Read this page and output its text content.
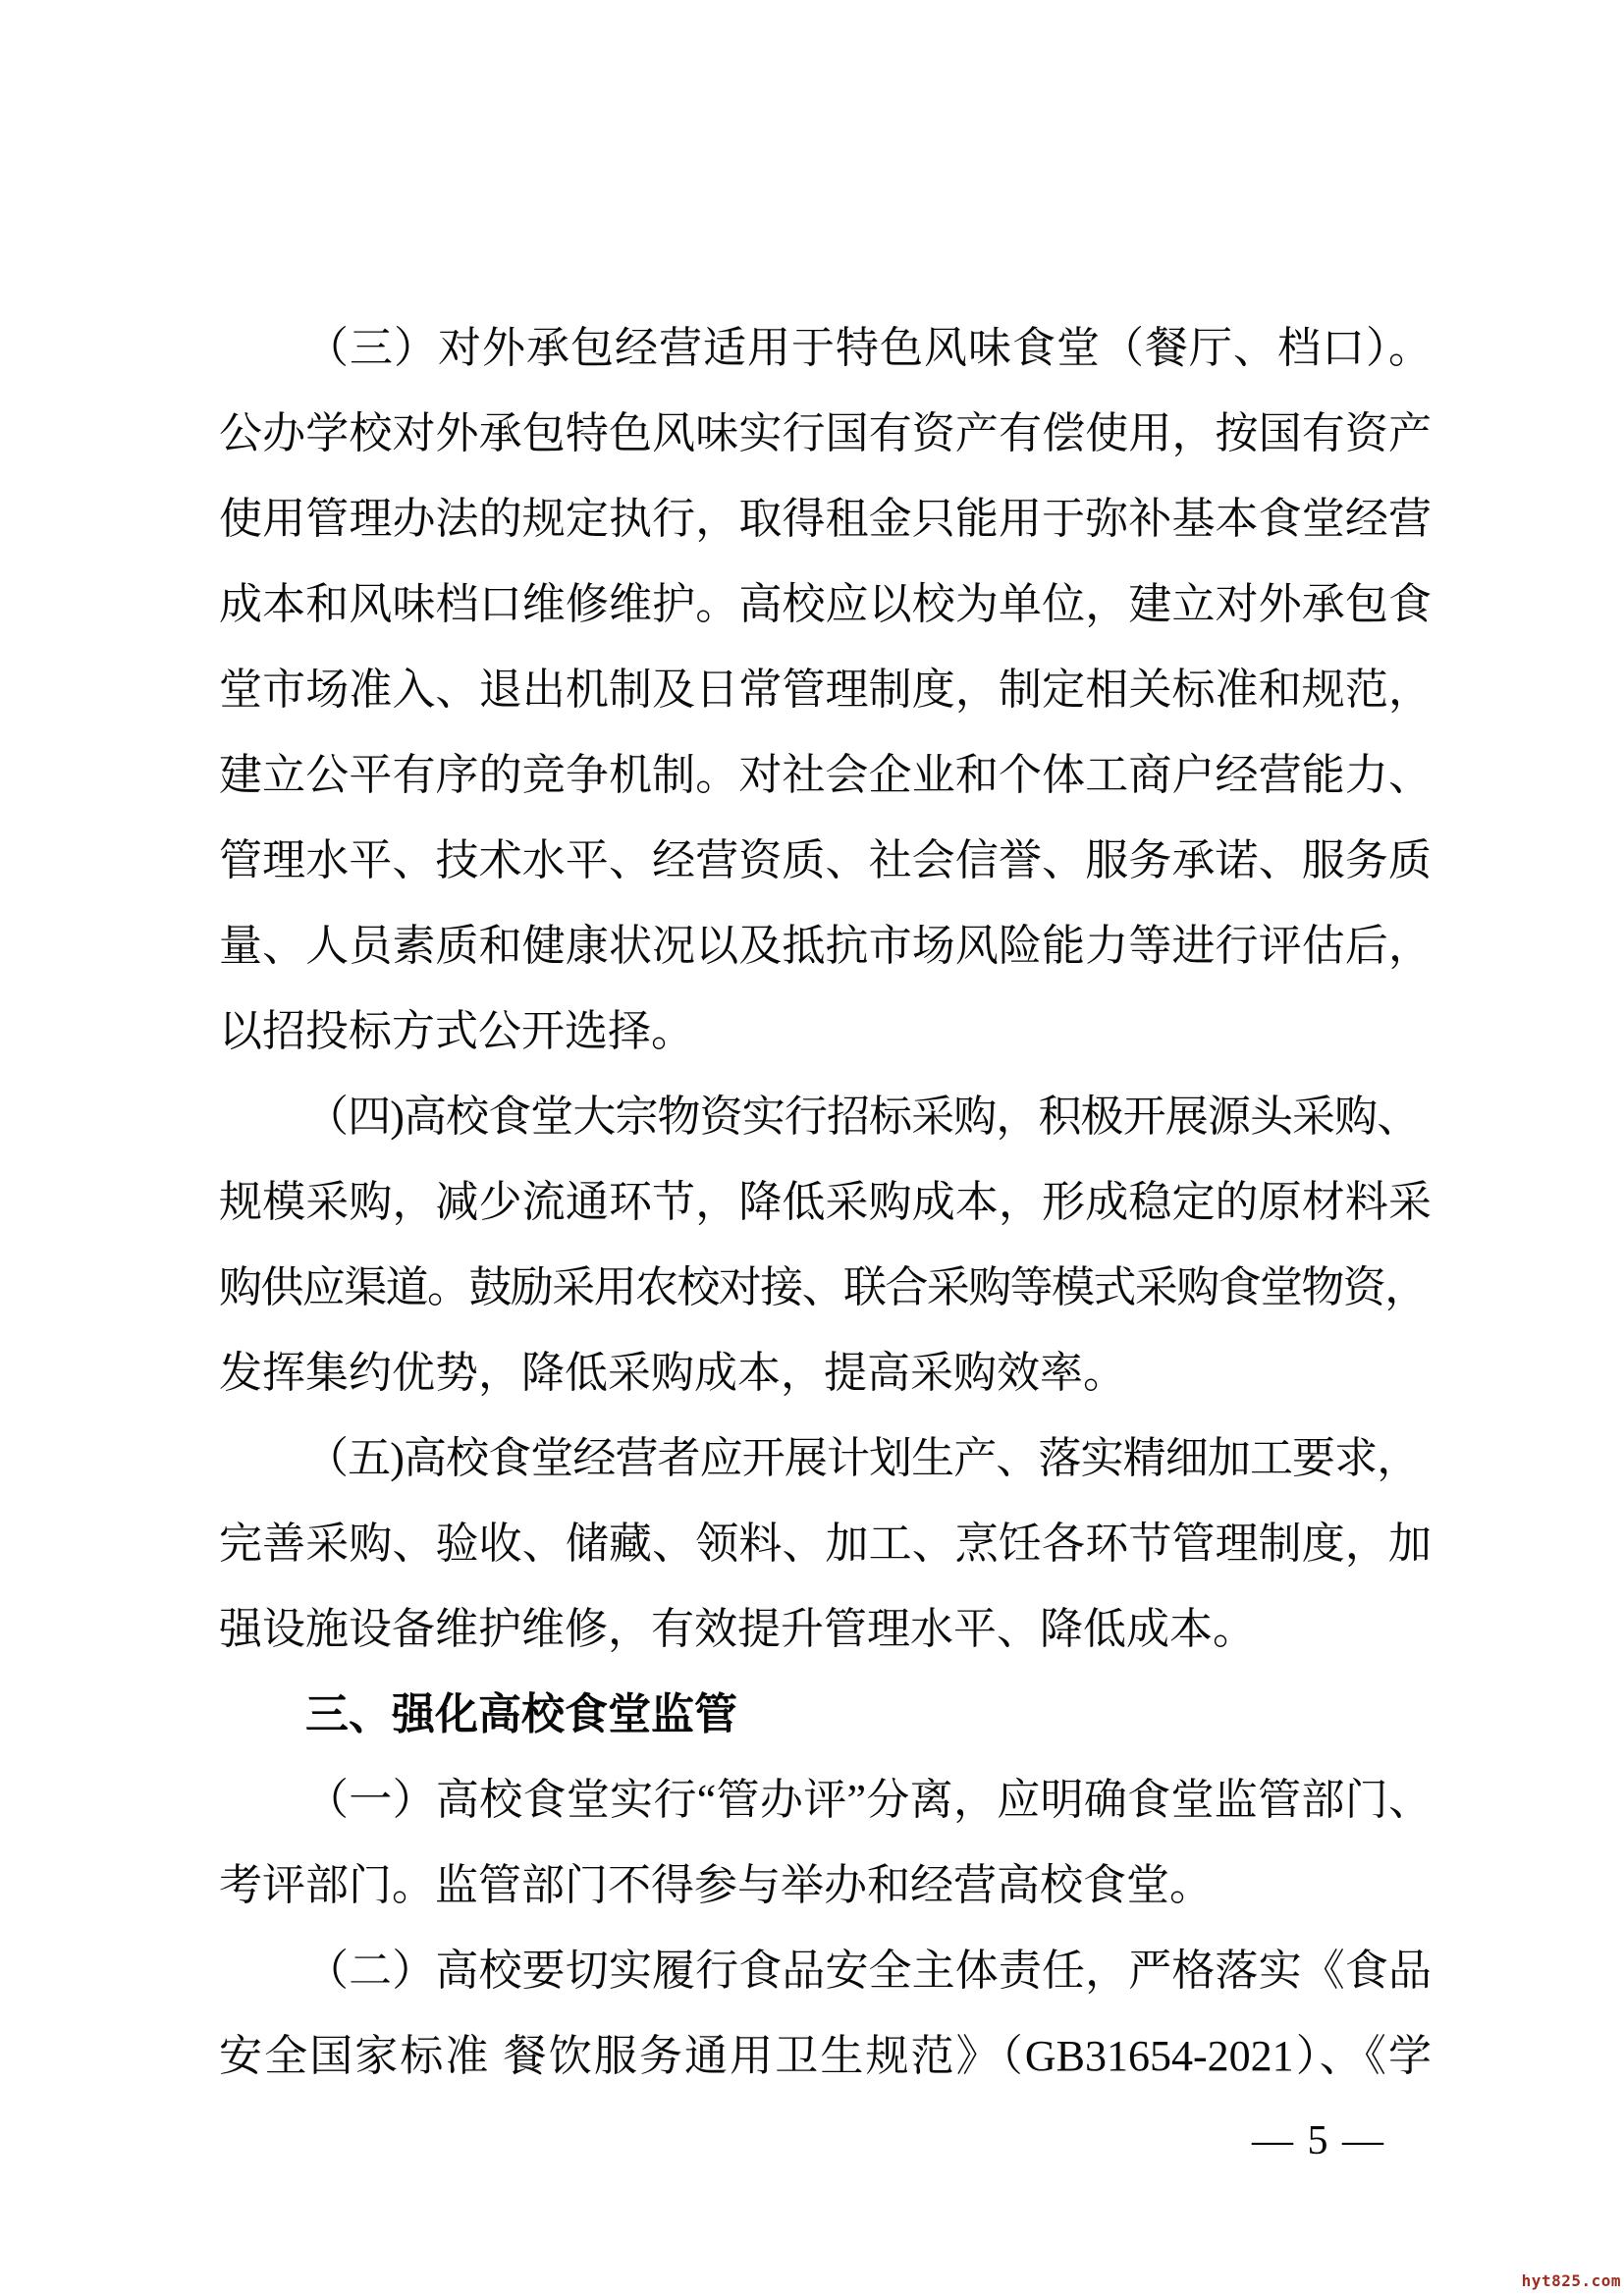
（三）对外承包经营适用于特色风味食堂（餐厅、档口）。
公办学校对外承包特色风味实行国有资产有偿使用，按国有资产
使用管理办法的规定执行，取得租金只能用于弥补基本食堂经营
成本和风味档口维修维护。高校应以校为单位，建立对外承包食
堂市场准入、退出机制及日常管理制度，制定相关标准和规范，
建立公平有序的竞争机制。对社会企业和个体工商户经营能力、
管理水平、技术水平、经营资质、社会信誉、服务承诺、服务质
量、人员素质和健康状况以及抵抗市场风险能力等进行评估后，
以招投标方式公开选择。
（四)高校食堂大宗物资实行招标采购，积极开展源头采购、
规模采购，减少流通环节，降低采购成本，形成稳定的原材料采
购供应渠道。鼓励采用农校对接、联合采购等模式采购食堂物资，
发挥集约优势，降低采购成本，提高采购效率。
（五)高校食堂经营者应开展计划生产、落实精细加工要求，
完善采购、验收、储藏、领料、加工、烹饪各环节管理制度，加
强设施设备维护维修，有效提升管理水平、降低成本。
三、强化高校食堂监管
（一）高校食堂实行“管办评”分离，应明确食堂监管部门、
考评部门。监管部门不得参与举办和经营高校食堂。
（二）高校要切实履行食品安全主体责任，严格落实《食品
安全国家标准 餐饮服务通用卫生规范》（GB31654-2021）、《学
— 5 —
hyt825.com
